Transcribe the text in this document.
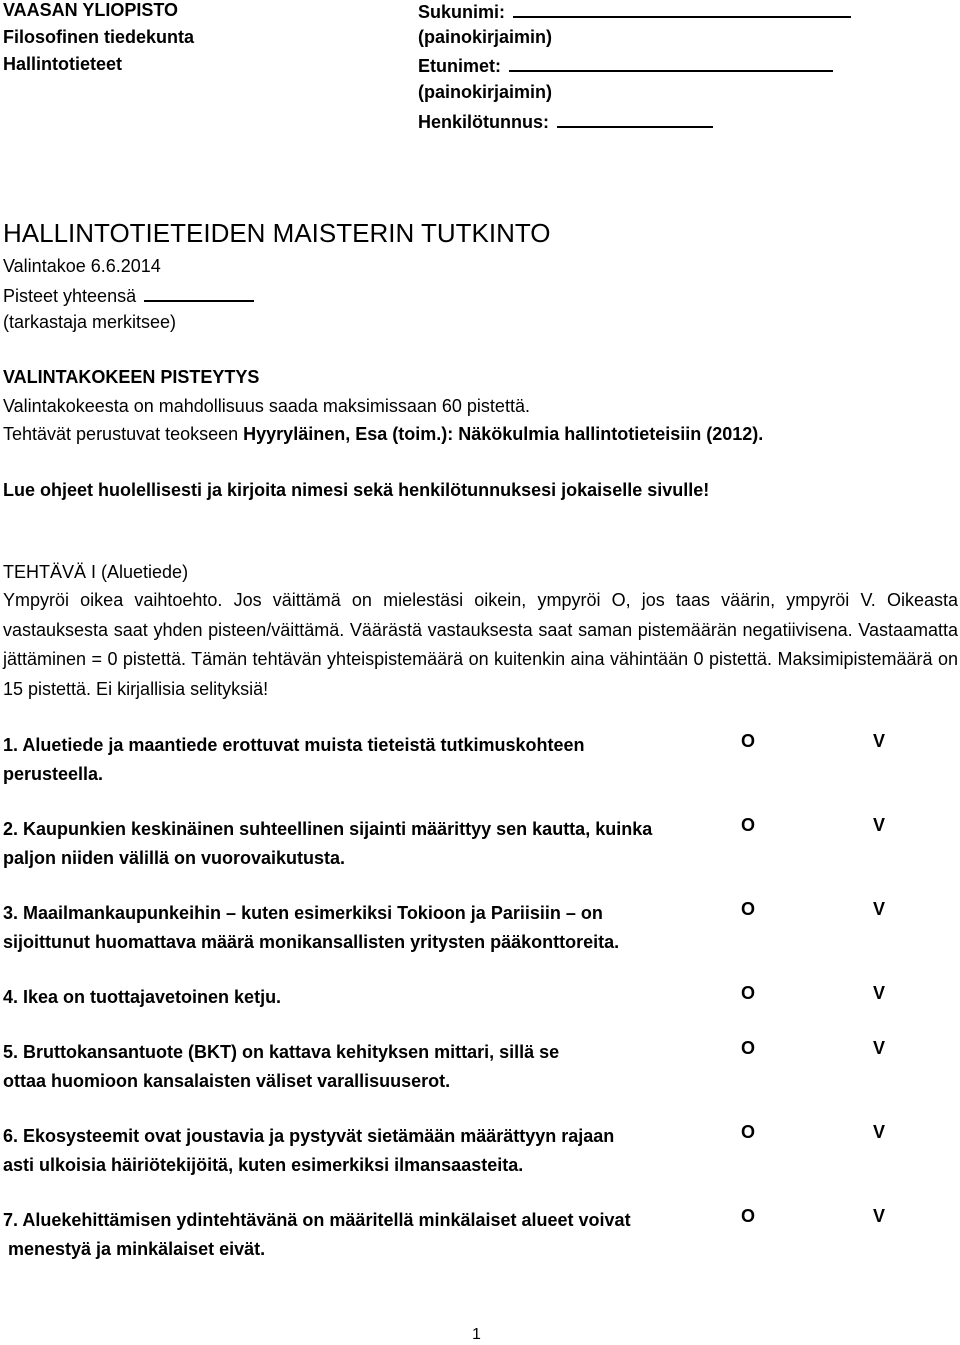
VAASAN YLIOPISTO
Filosofinen tiedekunta
Hallintotieteet
Sukunimi:
(painokirjaimin)
Etunimet:
(painokirjaimin)
Henkilötunnus:
HALLINTOTIETEIDEN MAISTERIN TUTKINTO
Valintakoe 6.6.2014
Pisteet yhteensä
(tarkastaja merkitsee)
VALINTAKOKEEN PISTEYTYS
Valintakokeesta on mahdollisuus saada maksimissaan 60 pistettä.
Tehtävät perustuvat teokseen Hyyryläinen, Esa (toim.): Näkökulmia hallintotieteisiin (2012).
Lue ohjeet huolellisesti ja kirjoita nimesi sekä henkilötunnuksesi jokaiselle sivulle!
TEHTÄVÄ I (Aluetiede)
Ympyröi oikea vaihtoehto. Jos väittämä on mielestäsi oikein, ympyröi O, jos taas väärin, ympyröi V. Oikeasta vastauksesta saat yhden pisteen/väittämä. Väärästä vastauksesta saat saman pistemäärän negatiivisena. Vastaamatta jättäminen = 0 pistettä. Tämän tehtävän yhteispistemäärä on kuitenkin aina vähintään 0 pistettä. Maksimipistemäärä on 15 pistettä. Ei kirjallisia selityksiä!
1. Aluetiede ja maantiede erottuvat muista tieteistä tutkimuskohteen
perusteella.
O	V
2. Kaupunkien keskinäinen suhteellinen sijainti määrittyy sen kautta, kuinka
paljon niiden välillä on vuorovaikutusta.
O	V
3. Maailmankaupunkeihin – kuten esimerkiksi Tokioon ja Pariisiin – on
sijoittunut huomattava määrä monikansallisten yritysten pääkonttoreita.
O	V
4. Ikea on tuottajavetoinen ketju.	O	V
5. Bruttokansantuote (BKT) on kattava kehityksen mittari, sillä se
ottaa huomioon kansalaisten väliset varallisuuserot.
O	V
6. Ekosysteemit ovat joustavia ja pystyvät sietämään määrättyyn rajaan
asti ulkoisia häiriötekijöitä, kuten esimerkiksi ilmansaasteita.
O	V
7. Aluekehittämisen ydintehtävänä on määritellä minkälaiset alueet voivat
menestyä ja minkälaiset eivät.
O	V
1
